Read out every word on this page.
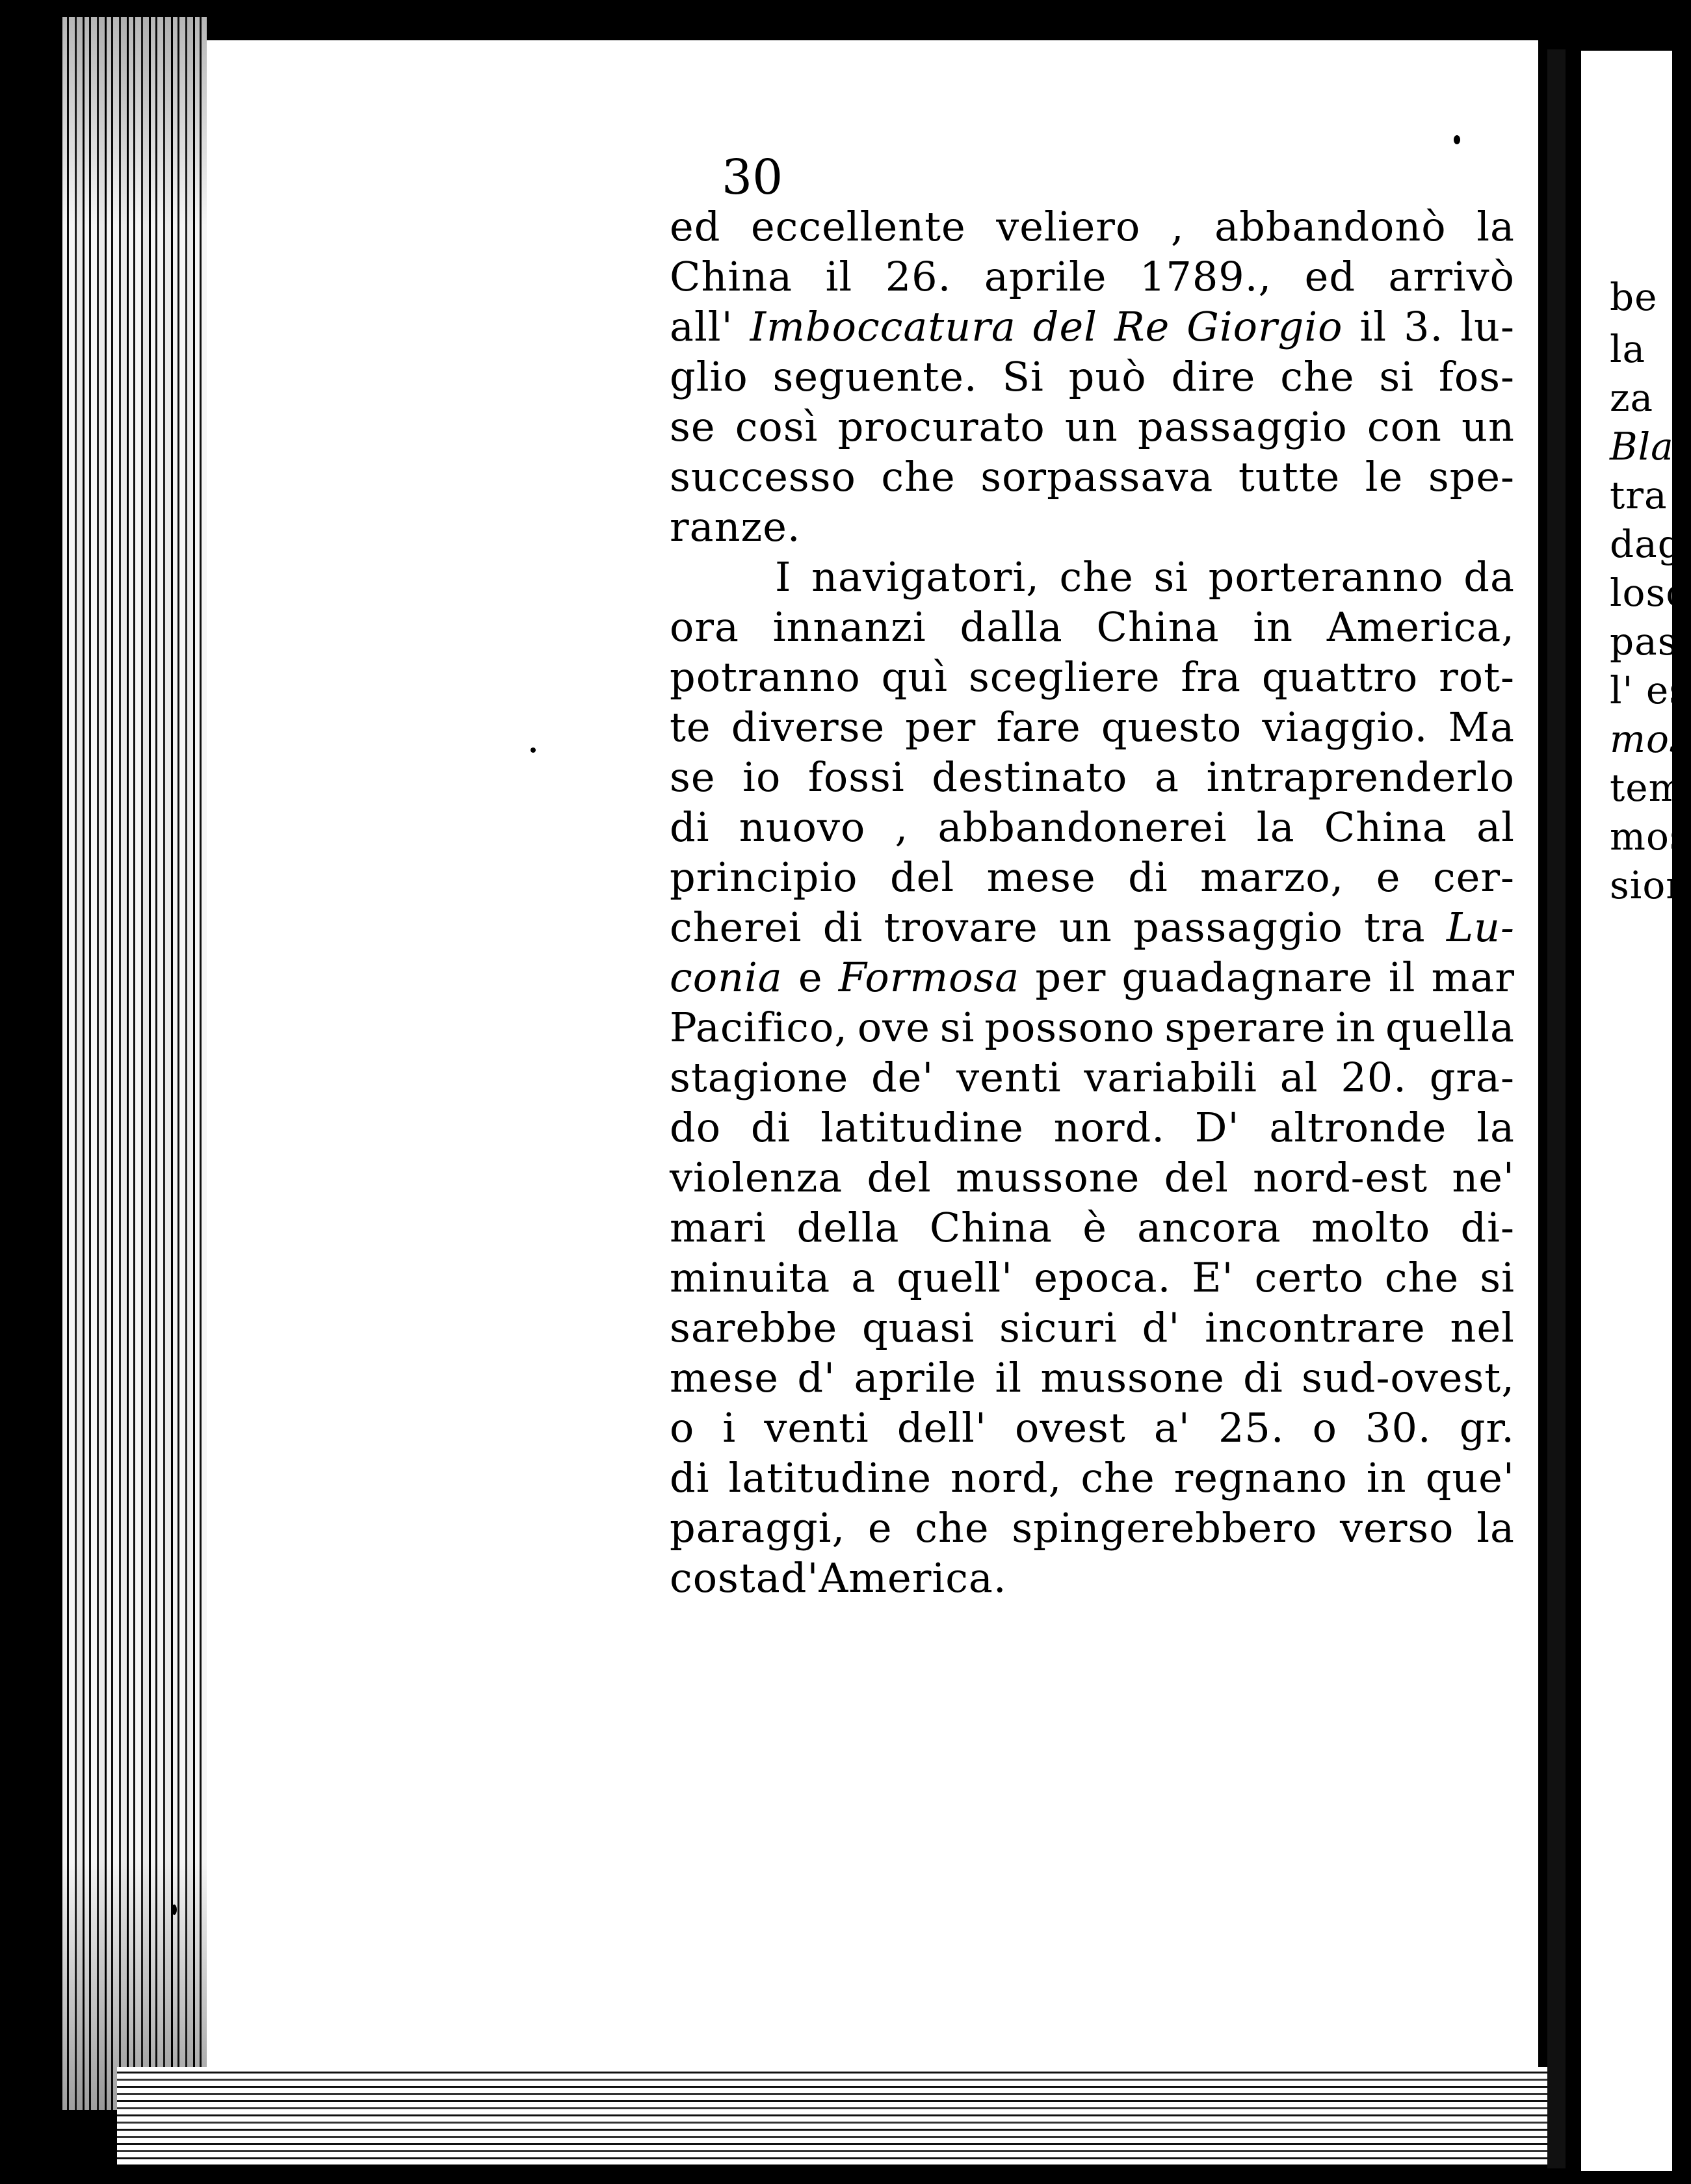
be
la
za
Bla
tra
dag
losc
pas
l' es
mos
tem
mos
sion
30
ed eccellente veliero , abbandonò la
China il 26. aprile 1789., ed arrivò
all' Imboccatura del Re Giorgio il 3. lu-
glio seguente. Si può dire che si fos-
se così procurato un passaggio con un
successo che sorpassava tutte le spe-
ranze .
I navigatori, che si porteranno da
ora innanzi dalla China in America,
potranno quì scegliere fra quattro rot-
te diverse per fare questo viaggio. Ma
se io fossi destinato a intraprenderlo
di nuovo , abbandonerei la China al
principio del mese di marzo, e cer-
cherei di trovare un passaggio tra Lu-
conia e Formosa per guadagnare il mar
Pacifico, ove si possono sperare in quella
stagione de' venti variabili al 20. gra-
do di latitudine nord. D' altronde la
violenza del mussone del nord-est ne'
mari della China è ancora molto di-
minuita a quell' epoca. E' certo che si
sarebbe quasi sicuri d' incontrare nel
mese d' aprile il mussone di sud-ovest,
o i venti dell' ovest a' 25. o 30. gr.
di latitudine nord, che regnano in que'
paraggi, e che spingerebbero verso la
costa d' America.
